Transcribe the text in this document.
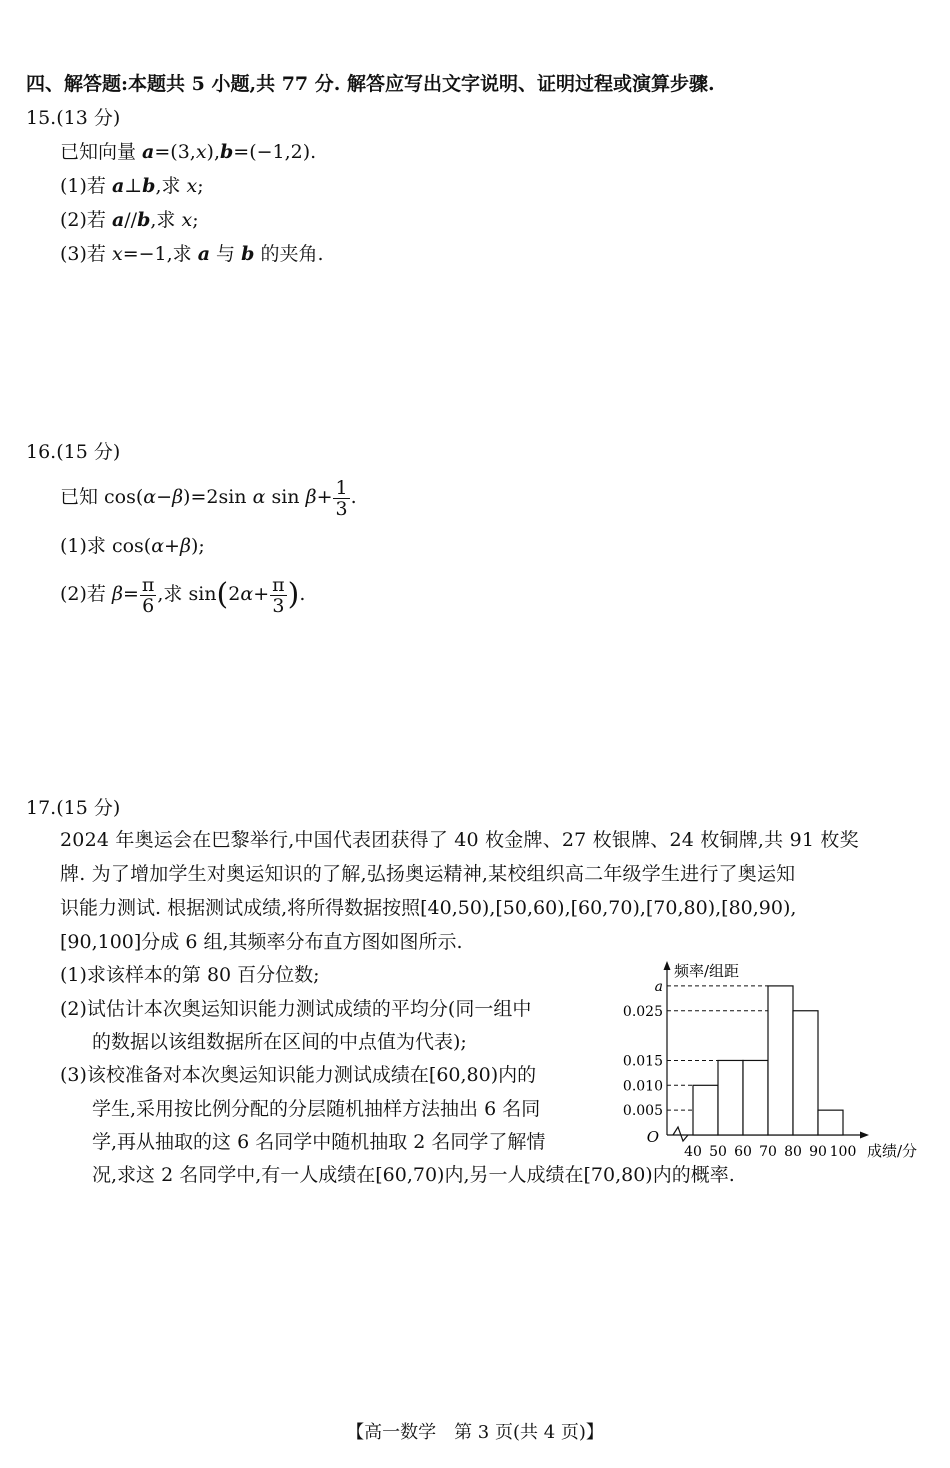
四、解答题:本题共 5 小题,共 77 分. 解答应写出文字说明、证明过程或演算步骤.
15.(13 分)
已知向量 a=(3,x),b=(−1,2).
(1)若 a⊥b,求 x;
(2)若 a//b,求 x;
(3)若 x=−1,求 a 与 b 的夹角.
16.(15 分)
已知 cos(α−β)=2sin α $\sin \beta+ \frac{1}{3}$ .
(1)求 cos(α+β);
(2)若 $\beta= \frac{\pi}{6}$ ,求 $\sin(2\alpha+ \frac{\pi}{3}$ ).
17.(15 分)
2024 年奥运会在巴黎举行,中国代表团获得了 40 枚金牌、27 枚银牌、24 枚铜牌,共 91 枚奖
牌. 为了增加学生对奥运知识的了解,弘扬奥运精神,某校组织高二年级学生进行了奥运知
识能力测试. 根据测试成绩,将所得数据按照[40,50),[50,60),[60,70),[70,80),[80,90),
[90,100]分成 6 组,其频率分布直方图如图所示.
(1)求该样本的第 80 百分位数;
(2)试估计本次奥运知识能力测试成绩的平均分(同一组中
的数据以该组数据所在区间的中点值为代表);
(3)该校准备对本次奥运知识能力测试成绩在[60,80)内的
学生,采用按比例分配的分层随机抽样方法抽出 6 名同
学,再从抽取的这 6 名同学中随机抽取 2 名同学了解情
况,求这 2 名同学中,有一人成绩在[60,70)内,另一人成绩在[70,80)内的概率.
0.005
0.010
0.015
0.025
a
40 50 60 70 80 90 100
O
频率/组距
成绩/分
【高一数学　第 3 页(共 4 页)】
